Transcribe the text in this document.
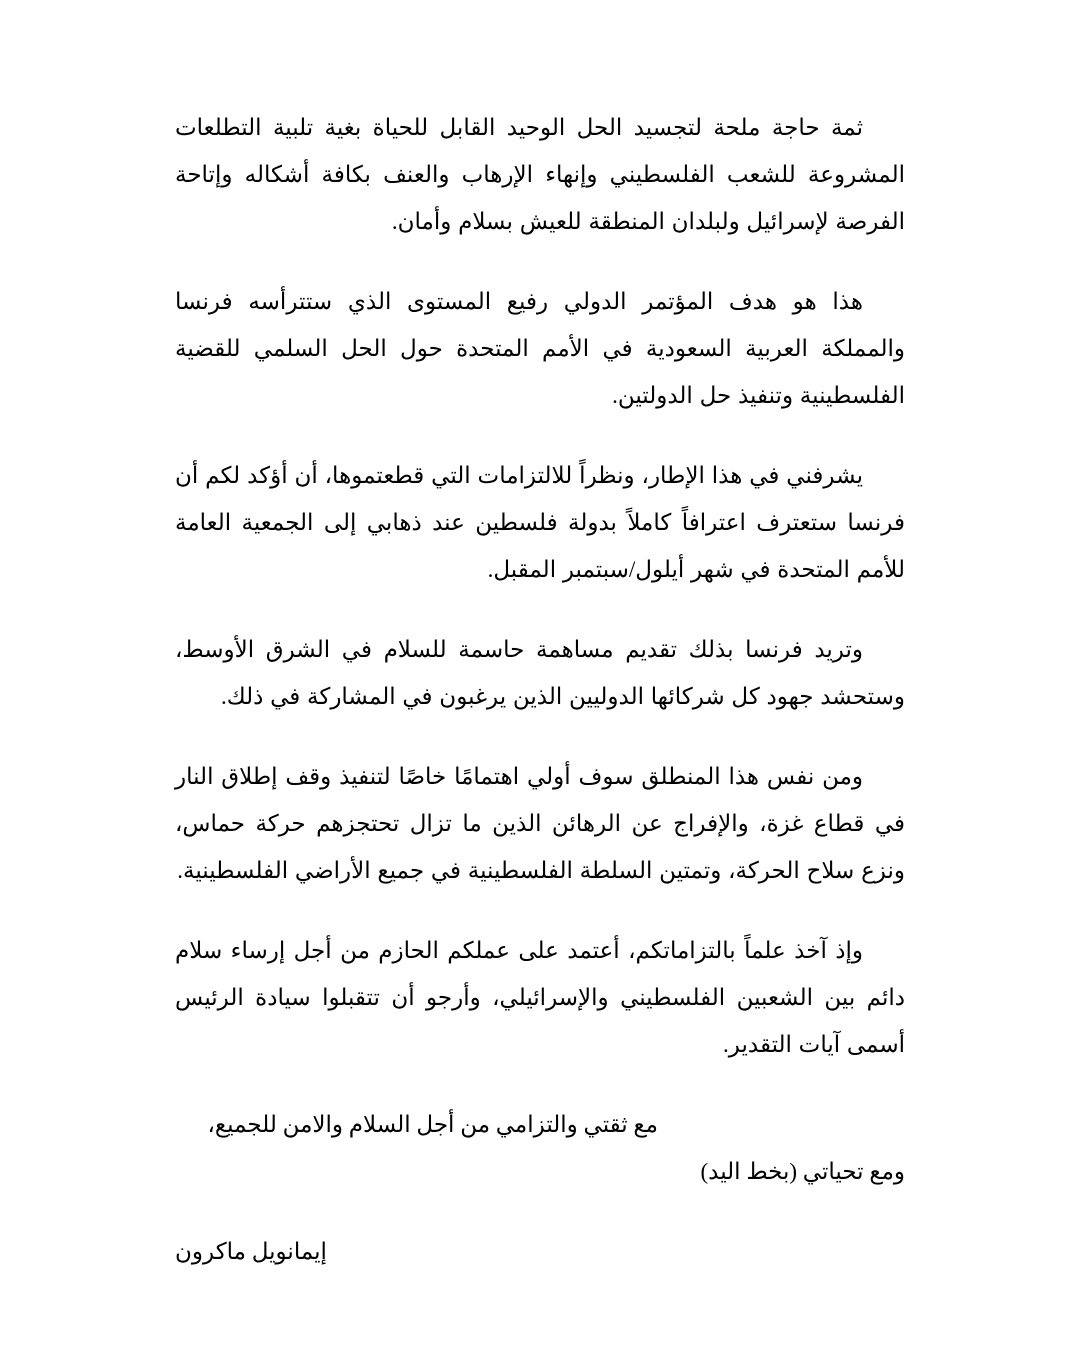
ثمة حاجة ملحة لتجسيد الحل الوحيد القابل للحياة بغية تلبية التطلعات المشروعة للشعب الفلسطيني وإنهاء الإرهاب والعنف بكافة أشكاله وإتاحة الفرصة لإسرائيل ولبلدان المنطقة للعيش بسلام وأمان.

هذا هو هدف المؤتمر الدولي رفيع المستوى الذي ستترأسه فرنسا والمملكة العربية السعودية في الأمم المتحدة حول الحل السلمي للقضية الفلسطينية وتنفيذ حل الدولتين.

يشرفني في هذا الإطار، ونظراً للالتزامات التي قطعتموها، أن أؤكد لكم أن فرنسا ستعترف اعترافاً كاملاً بدولة فلسطين عند ذهابي إلى الجمعية العامة للأمم المتحدة في شهر أيلول/سبتمبر المقبل.

وتريد فرنسا بذلك تقديم مساهمة حاسمة للسلام في الشرق الأوسط، وستحشد جهود كل شركائها الدوليين الذين يرغبون في المشاركة في ذلك.

ومن نفس هذا المنطلق سوف أولي اهتمامًا خاصًا لتنفيذ وقف إطلاق النار في قطاع غزة، والإفراج عن الرهائن الذين ما تزال تحتجزهم حركة حماس، ونزع سلاح الحركة، وتمتين السلطة الفلسطينية في جميع الأراضي الفلسطينية.

وإذ آخذ علماً بالتزاماتكم، أعتمد على عملكم الحازم من أجل إرساء سلام دائم بين الشعبين الفلسطيني والإسرائيلي، وأرجو أن تتقبلوا سيادة الرئيس أسمى آيات التقدير.

مع ثقتي والتزامي من أجل السلام والامن للجميع، ومع تحياتي (بخط اليد)

إيمانويل ماكرون
